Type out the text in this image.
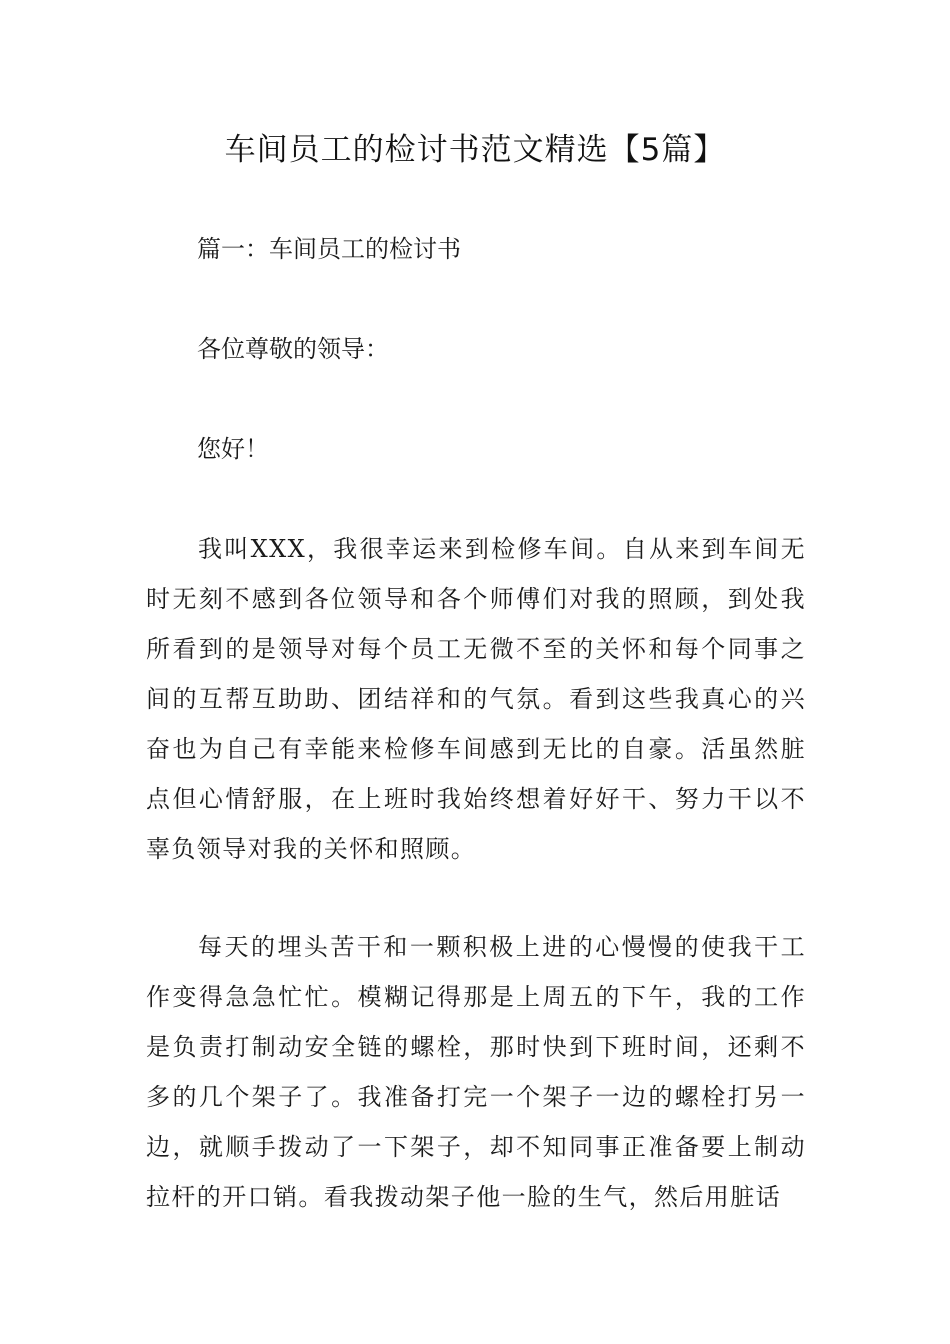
车间员工的检讨书范文精选【5篇】
篇一：车间员工的检讨书
各位尊敬的领导：
您好！
我叫XXX，我很幸运来到检修车间。自从来到车间无时无刻不感到各位领导和各个师傅们对我的照顾，到处我所看到的是领导对每个员工无微不至的关怀和每个同事之间的互帮互助助、团结祥和的气氛。看到这些我真心的兴奋也为自己有幸能来检修车间感到无比的自豪。活虽然脏点但心情舒服，在上班时我始终想着好好干、努力干以不辜负领导对我的关怀和照顾。
每天的埋头苦干和一颗积极上进的心慢慢的使我干工作变得急急忙忙。模糊记得那是上周五的下午，我的工作是负责打制动安全链的螺栓，那时快到下班时间，还剩不多的几个架子了。我准备打完一个架子一边的螺栓打另一边，就顺手拨动了一下架子，却不知同事正准备要上制动拉杆的开口销。看我拨动架子他一脸的生气，然后用脏话
